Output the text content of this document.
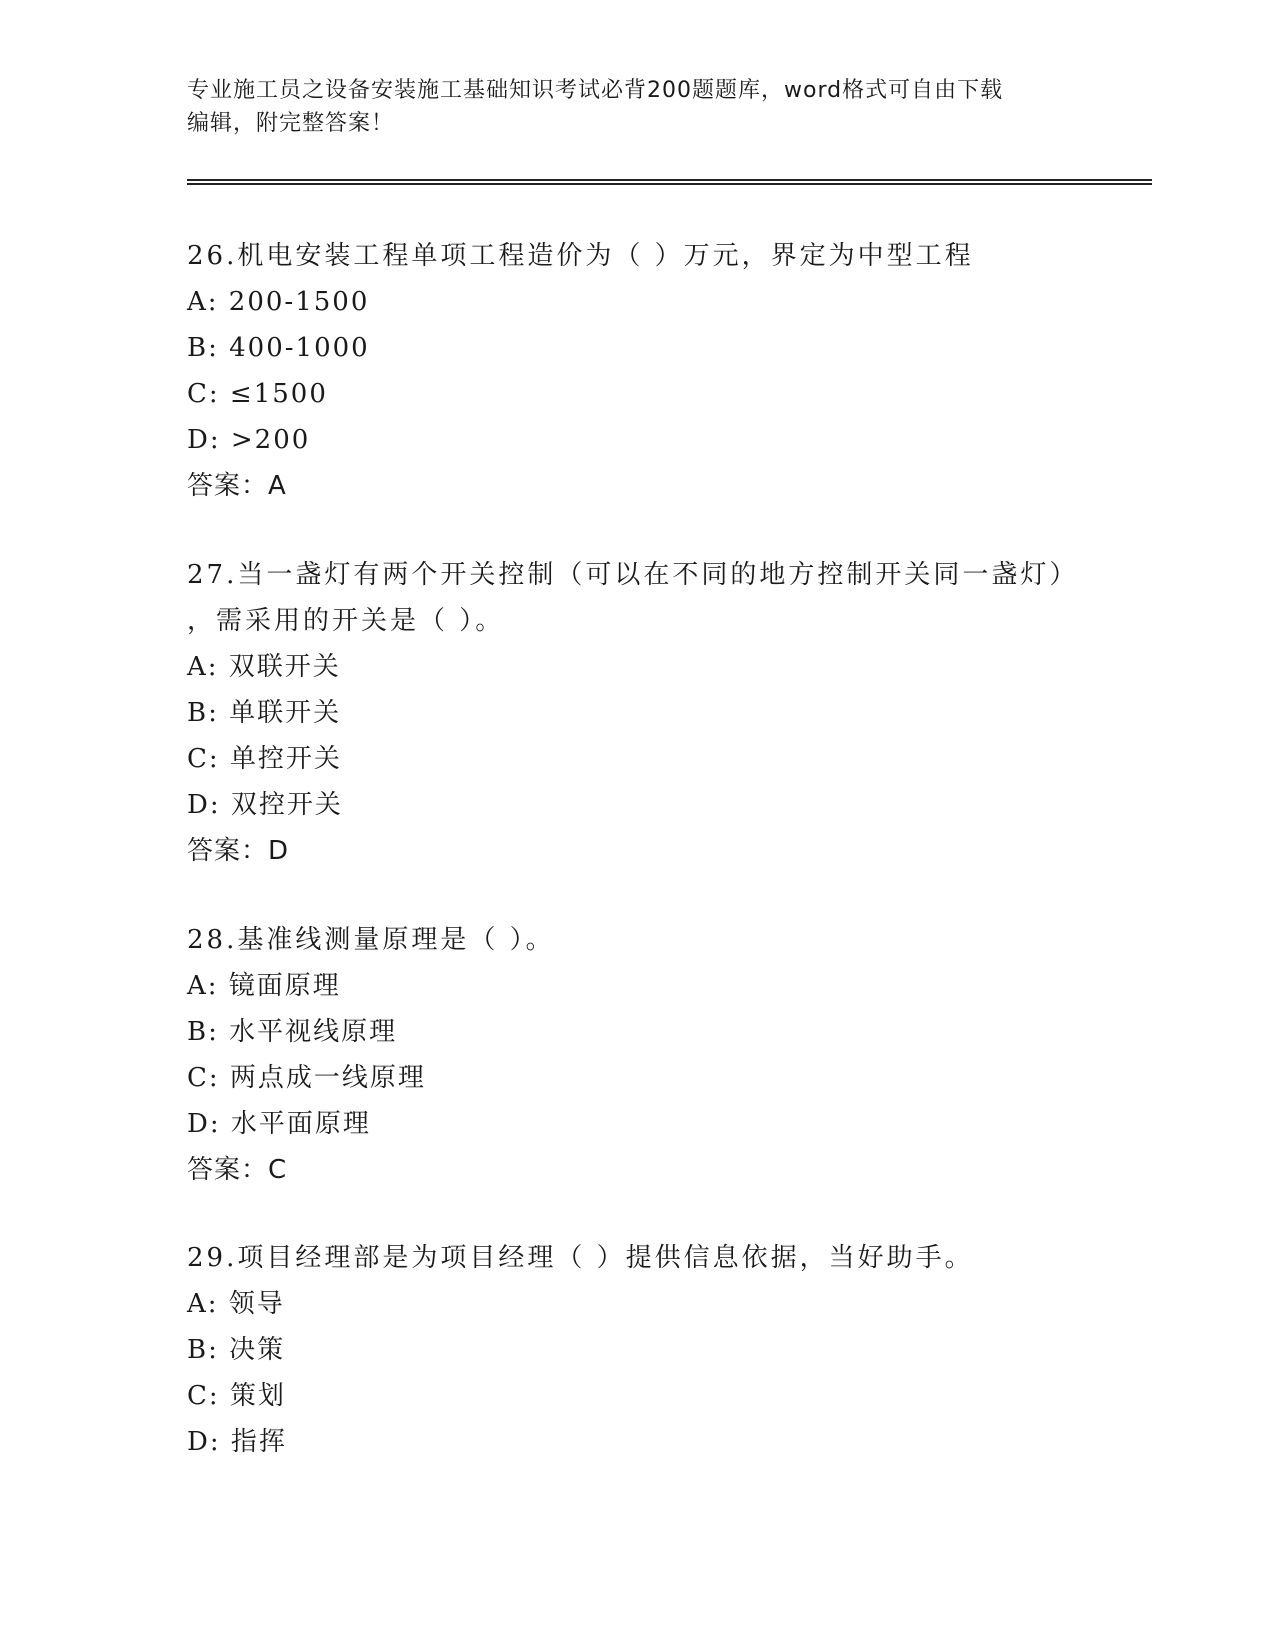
专业施工员之设备安装施工基础知识考试必背200题题库，word格式可自由下载
编辑，附完整答案！

26.机电安装工程单项工程造价为（ ）万元，界定为中型工程

A: 200-1500

B: 400-1000

C: ≤1500

D: >200

答案：A

27.当一盏灯有两个开关控制（可以在不同的地方控制开关同一盏灯）

，需采用的开关是（ ）。

A: 双联开关

B: 单联开关

C: 单控开关

D: 双控开关

答案：D

28.基准线测量原理是（ ）。

A: 镜面原理

B: 水平视线原理

C: 两点成一线原理

D: 水平面原理

答案：C

29.项目经理部是为项目经理（ ）提供信息依据，当好助手。

A: 领导

B: 决策

C: 策划

D: 指挥
